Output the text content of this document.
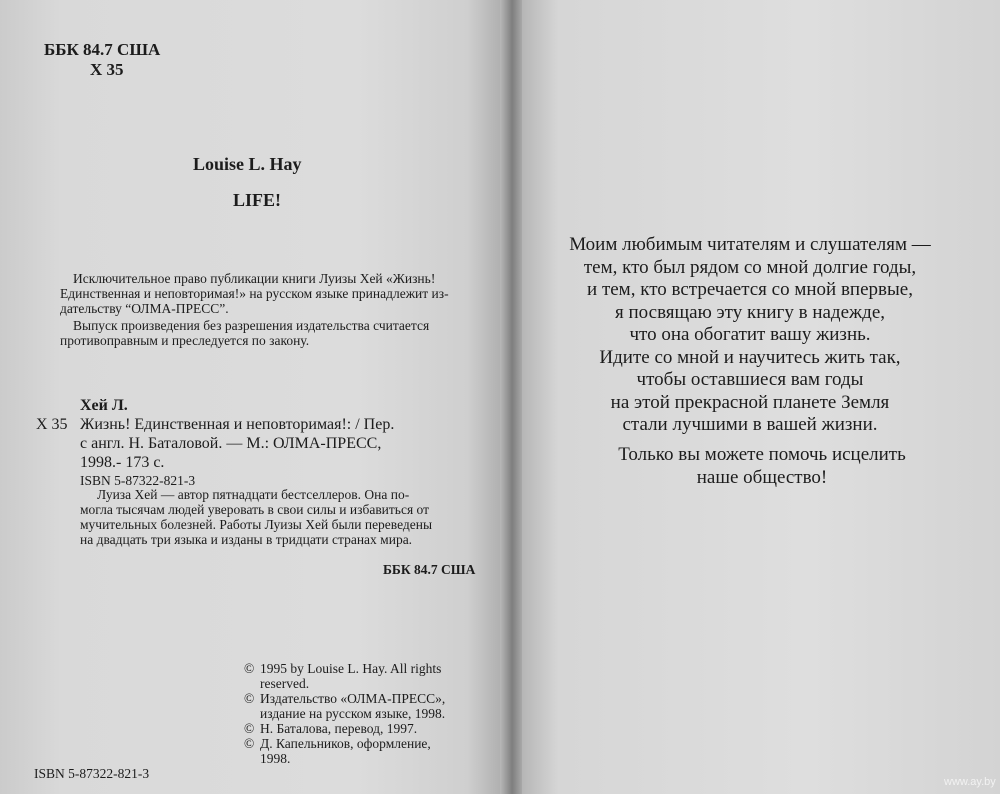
ББК 84.7 США
Х 35
Louise L. Hay
LIFE!
Исключительное право публикации книги Луизы Хей «Жизнь!
Единственная и неповторимая!» на русском языке принадлежит из-
дательству “ОЛМА-ПРЕСС”.
Выпуск произведения без разрешения издательства считается
противоправным и преследуется по закону.
Хей Л.
Х 35 Жизнь! Единственная и неповторимая!: / Пер.
с англ. Н. Баталовой. — М.: ОЛМА-ПРЕСС,
1998.- 173 с.
ISBN 5-87322-821-3
Луиза Хей — автор пятнадцати бестселлеров. Она по-
могла тысячам людей уверовать в свои силы и избавиться от
мучительных болезней. Работы Луизы Хей были переведены
на двадцать три языка и изданы в тридцати странах мира.
ББК 84.7 США
© 1995 by Louise L. Hay. All rights
reserved.
© Издательство «ОЛМА-ПРЕСС»,
издание на русском языке, 1998.
© Н. Баталова, перевод, 1997.
© Д. Капельников, оформление,
1998.
ISBN 5-87322-821-3
Моим любимым читателям и слушателям —
тем, кто был рядом со мной долгие годы,
и тем, кто встречается со мной впервые,
я посвящаю эту книгу в надежде,
что она обогатит вашу жизнь.
Идите со мной и научитесь жить так,
чтобы оставшиеся вам годы
на этой прекрасной планете Земля
стали лучшими в вашей жизни.
Только вы можете помочь исцелить
наше общество!
www.ay.by
